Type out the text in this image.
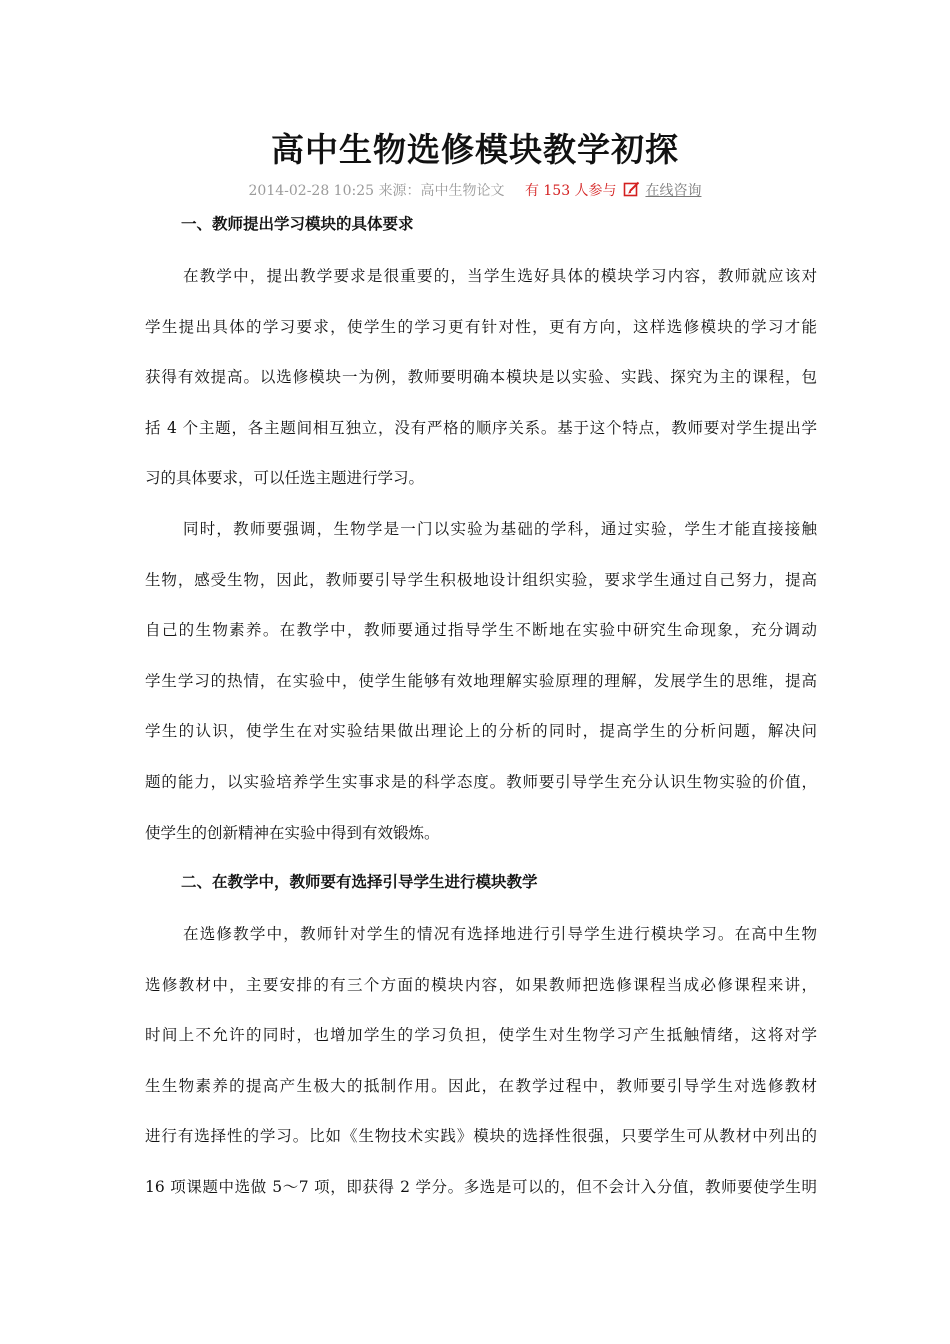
高中生物选修模块教学初探
2014-02-28 10:25 来源：高中生物论文 有 153 人参与 在线咨询
一、教师提出学习模块的具体要求
在教学中，提出教学要求是很重要的，当学生选好具体的模块学习内容，教师就应该对
学生提出具体的学习要求，使学生的学习更有针对性，更有方向，这样选修模块的学习才能
获得有效提高。以选修模块一为例，教师要明确本模块是以实验、实践、探究为主的课程，包
括 4 个主题，各主题间相互独立，没有严格的顺序关系。基于这个特点，教师要对学生提出学
习的具体要求，可以任选主题进行学习。
同时，教师要强调，生物学是一门以实验为基础的学科，通过实验，学生才能直接接触
生物，感受生物，因此，教师要引导学生积极地设计组织实验，要求学生通过自己努力，提高
自己的生物素养。在教学中，教师要通过指导学生不断地在实验中研究生命现象，充分调动
学生学习的热情，在实验中，使学生能够有效地理解实验原理的理解，发展学生的思维，提高
学生的认识，使学生在对实验结果做出理论上的分析的同时，提高学生的分析问题，解决问
题的能力，以实验培养学生实事求是的科学态度。教师要引导学生充分认识生物实验的价值，
使学生的创新精神在实验中得到有效锻炼。
二、在教学中，教师要有选择引导学生进行模块教学
在选修教学中，教师针对学生的情况有选择地进行引导学生进行模块学习。在高中生物
选修教材中，主要安排的有三个方面的模块内容，如果教师把选修课程当成必修课程来讲，
时间上不允许的同时，也增加学生的学习负担，使学生对生物学习产生抵触情绪，这将对学
生生物素养的提高产生极大的抵制作用。因此，在教学过程中，教师要引导学生对选修教材
进行有选择性的学习。比如《生物技术实践》模块的选择性很强，只要学生可从教材中列出的
16 项课题中选做 5～7 项，即获得 2 学分。多选是可以的，但不会计入分值，教师要使学生明
